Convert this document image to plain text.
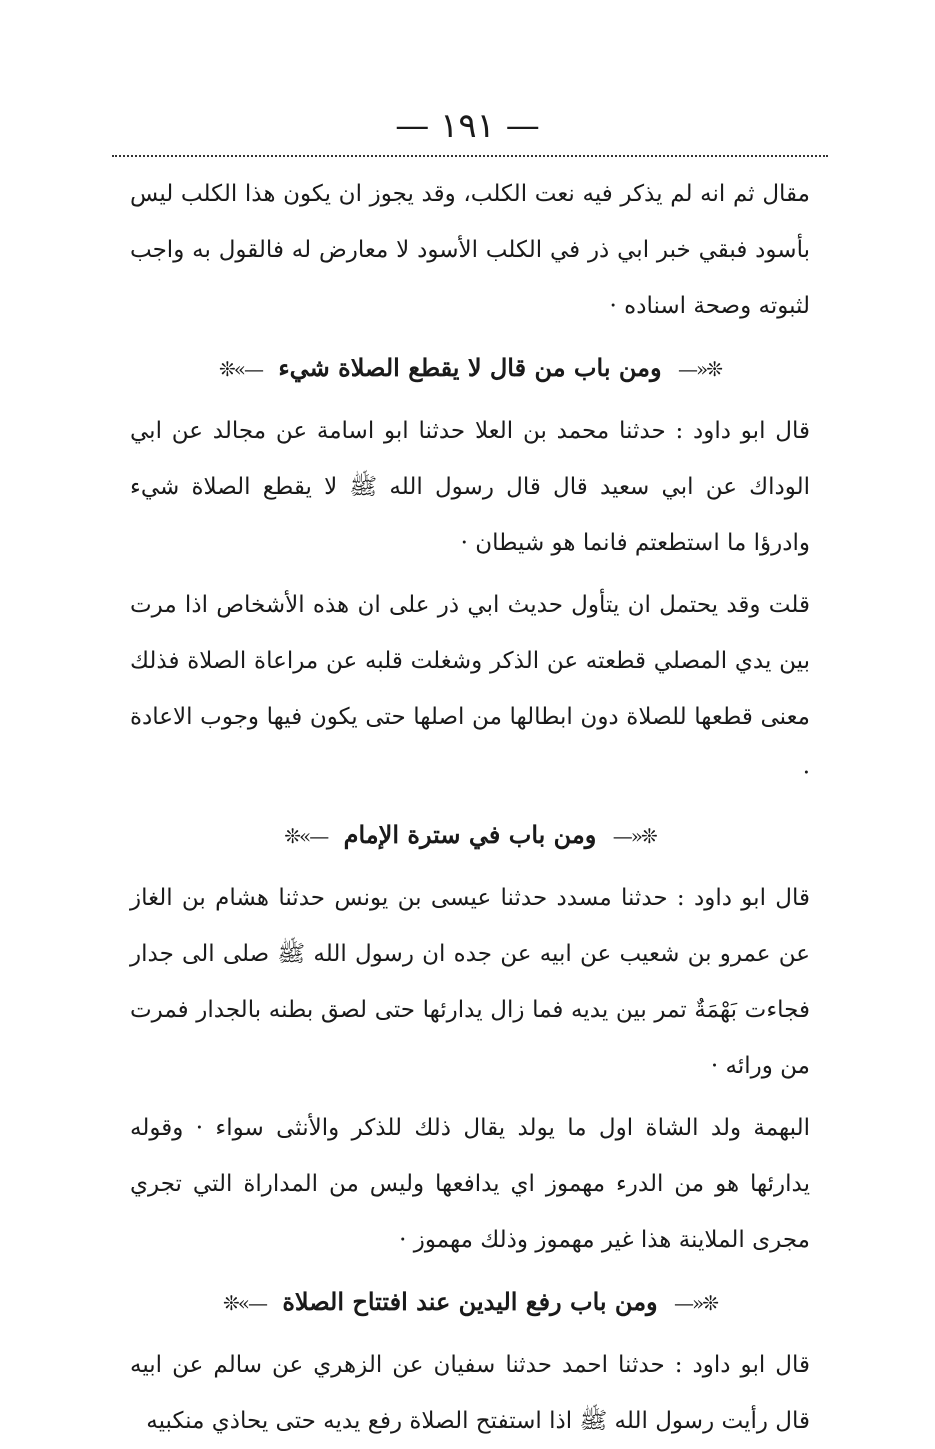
— ١٩١ —

مقال ثم انه لم يذكر فيه نعت الكلب، وقد يجوز ان يكون هذا الكلب ليس بأسود فبقي خبر ابي ذر في الكلب الأسود لا معارض له فالقول به واجب لثبوته وصحة اسناده ·

❊«— ومن باب من قال لا يقطع الصلاة شيء —»❊

قال ابو داود : حدثنا محمد بن العلا حدثنا ابو اسامة عن مجالد عن ابي الوداك عن ابي سعيد قال قال رسول الله ﷺ لا يقطع الصلاة شيء وادرؤا ما استطعتم فانما هو شيطان ·

قلت وقد يحتمل ان يتأول حديث ابي ذر على ان هذه الأشخاص اذا مرت بين يدي المصلي قطعته عن الذكر وشغلت قلبه عن مراعاة الصلاة فذلك معنى قطعها للصلاة دون ابطالها من اصلها حتى يكون فيها وجوب الاعادة ·

❊«— ومن باب في سترة الإمام —»❊

قال ابو داود : حدثنا مسدد حدثنا عيسى بن يونس حدثنا هشام بن الغاز عن عمرو بن شعيب عن ابيه عن جده ان رسول الله ﷺ صلى الى جدار فجاءت بَهْمَةٌ تمر بين يديه فما زال يدارئها حتى لصق بطنه بالجدار فمرت من ورائه ·

البهمة ولد الشاة اول ما يولد يقال ذلك للذكر والأنثى سواء · وقوله يدارئها هو من الدرء مهموز اي يدافعها وليس من المداراة التي تجري مجرى الملاينة هذا غير مهموز وذلك مهموز ·

❊«— ومن باب رفع اليدين عند افتتاح الصلاة —»❊

قال ابو داود : حدثنا احمد حدثنا سفيان عن الزهري عن سالم عن ابيه قال رأيت رسول الله ﷺ اذا استفتح الصلاة رفع يديه حتى يحاذي منكبيه
